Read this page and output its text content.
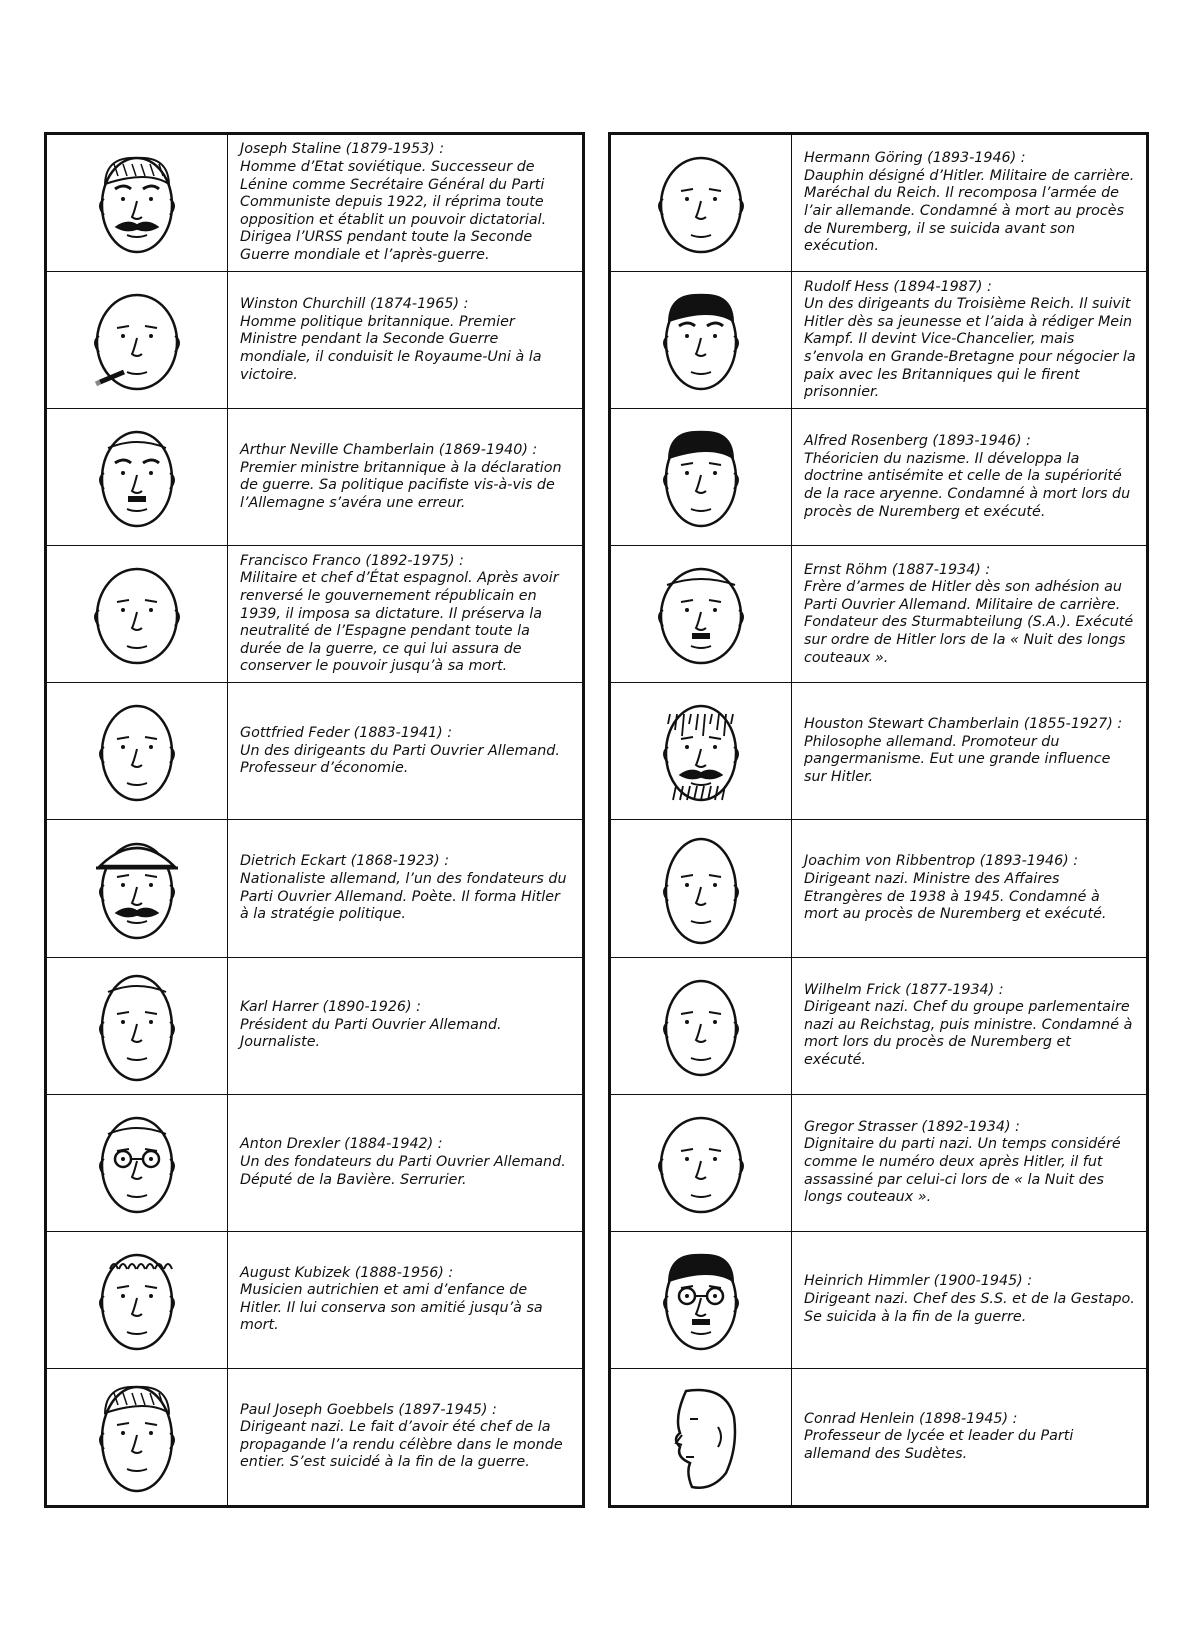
Joseph Staline (1879-1953) :
Homme d’Etat soviétique. Successeur de Lénine comme Secrétaire Général du Parti Communiste depuis 1922, il réprima toute opposition et établit un pouvoir dictatorial. Dirigea l’URSS pendant toute la Seconde Guerre mondiale et l’après-guerre.

Winston Churchill (1874-1965) :
Homme politique britannique. Premier Ministre pendant la Seconde Guerre mondiale, il conduisit le Royaume-Uni à la victoire.

Arthur Neville Chamberlain (1869-1940) :
Premier ministre britannique à la déclaration de guerre. Sa politique pacifiste vis-à-vis de l’Allemagne s’avéra une erreur.

Francisco Franco (1892-1975) :
Militaire et chef d’État espagnol. Après avoir renversé le gouvernement républicain en 1939, il imposa sa dictature. Il préserva la neutralité de l’Espagne pendant toute la durée de la guerre, ce qui lui assura de conserver le pouvoir jusqu’à sa mort.

Gottfried Feder (1883-1941) :
Un des dirigeants du Parti Ouvrier Allemand. Professeur d’économie.

Dietrich Eckart (1868-1923) :
Nationaliste allemand, l’un des fondateurs du Parti Ouvrier Allemand. Poète. Il forma Hitler à la stratégie politique.

Karl Harrer (1890-1926) :
Président du Parti Ouvrier Allemand. Journaliste.

Anton Drexler (1884-1942) :
Un des fondateurs du Parti Ouvrier Allemand. Député de la Bavière. Serrurier.

August Kubizek (1888-1956) :
Musicien autrichien et ami d’enfance de Hitler. Il lui conserva son amitié jusqu’à sa mort.

Paul Joseph Goebbels (1897-1945) :
Dirigeant nazi. Le fait d’avoir été chef de la propagande l’a rendu célèbre dans le monde entier. S’est suicidé à la fin de la guerre.

Hermann Göring (1893-1946) :
Dauphin désigné d’Hitler. Militaire de carrière. Maréchal du Reich. Il recomposa l’armée de l’air allemande. Condamné à mort au procès de Nuremberg, il se suicida avant son exécution.

Rudolf Hess (1894-1987) :
Un des dirigeants du Troisième Reich. Il suivit Hitler dès sa jeunesse et l’aida à rédiger Mein Kampf. Il devint Vice-Chancelier, mais s’envola en Grande-Bretagne pour négocier la paix avec les Britanniques qui le firent prisonnier.

Alfred Rosenberg (1893-1946) :
Théoricien du nazisme. Il développa la doctrine antisémite et celle de la supériorité de la race aryenne. Condamné à mort lors du procès de Nuremberg et exécuté.

Ernst Röhm (1887-1934) :
Frère d’armes de Hitler dès son adhésion au Parti Ouvrier Allemand. Militaire de carrière. Fondateur des Sturmabteilung (S.A.). Exécuté sur ordre de Hitler lors de la « Nuit des longs couteaux ».

Houston Stewart Chamberlain (1855-1927) :
Philosophe allemand. Promoteur du pangermanisme. Eut une grande influence sur Hitler.

Joachim von Ribbentrop (1893-1946) :
Dirigeant nazi. Ministre des Affaires Etrangères de 1938 à 1945. Condamné à mort au procès de Nuremberg et exécuté.

Wilhelm Frick (1877-1934) :
Dirigeant nazi. Chef du groupe parlementaire nazi au Reichstag, puis ministre. Condamné à mort lors du procès de Nuremberg et exécuté.

Gregor Strasser (1892-1934) :
Dignitaire du parti nazi. Un temps considéré comme le numéro deux après Hitler, il fut assassiné par celui-ci lors de « la Nuit des longs couteaux ».

Heinrich Himmler (1900-1945) :
Dirigeant nazi. Chef des S.S. et de la Gestapo. Se suicida à la fin de la guerre.

Conrad Henlein (1898-1945) :
Professeur de lycée et leader du Parti allemand des Sudètes.
